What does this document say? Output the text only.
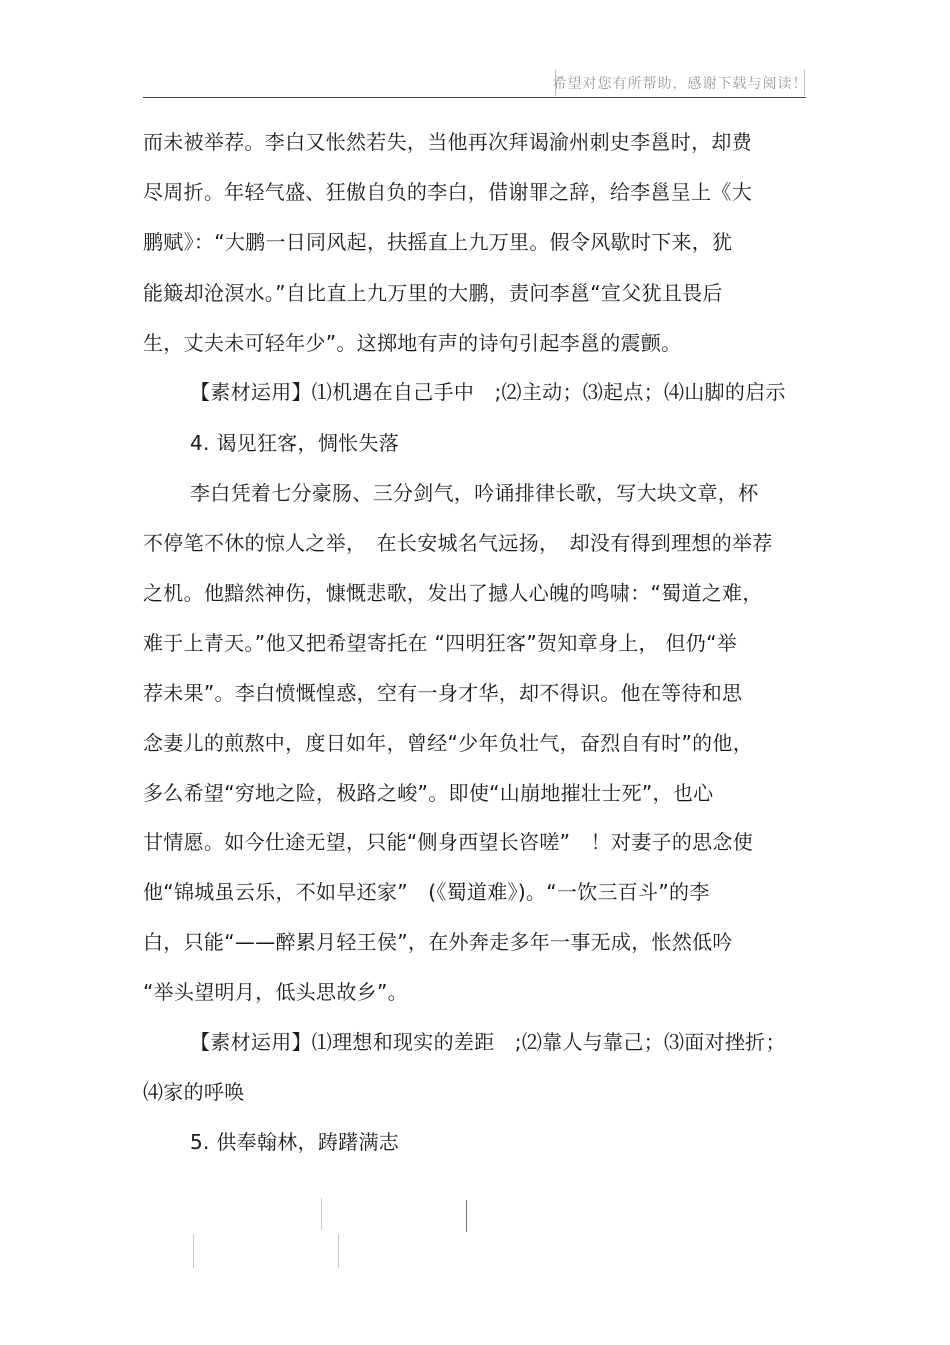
希望对您有所帮助，感谢下载与阅读！
而未被举荐。李白又怅然若失，当他再次拜谒渝州刺史李邕时，却费
尽周折。年轻气盛、狂傲自负的李白，借谢罪之辞，给李邕呈上《大
鹏赋》：“大鹏一日同风起，扶摇直上九万里。假令风歇时下来，犹
能簸却沧溟水。”自比直上九万里的大鹏，责问李邕“宣父犹且畏后
生，丈夫未可轻年少”。这掷地有声的诗句引起李邕的震颤。
【素材运用】⑴机遇在自己手中　;⑵主动；⑶起点；⑷山脚的启示
4. 谒见狂客，惆怅失落
李白凭着七分豪肠、三分剑气，吟诵排律长歌，写大块文章，杯
不停笔不休的惊人之举，　在长安城名气远扬，　却没有得到理想的举荐
之机。他黯然神伤，慷慨悲歌，发出了撼人心魄的鸣啸：“蜀道之难，
难于上青天。”他又把希望寄托在 “四明狂客”贺知章身上， 但仍“举
荐未果”。李白愤慨惶惑，空有一身才华，却不得识。他在等待和思
念妻儿的煎熬中，度日如年，曾经“少年负壮气，奋烈自有时”的他，
多么希望“穷地之险，极路之峻”。即使“山崩地摧壮士死”，也心
甘情愿。如今仕途无望，只能“侧身西望长咨嗟”　！对妻子的思念使
他“锦城虽云乐，不如早还家”　(《蜀道难》)。“一饮三百斗”的李
白，只能“——醉累月轻王侯”，在外奔走多年一事无成，怅然低吟
“举头望明月，低头思故乡”。
【素材运用】⑴理想和现实的差距　;⑵靠人与靠己；⑶面对挫折；
⑷家的呼唤
5. 供奉翰林，踌躇满志
